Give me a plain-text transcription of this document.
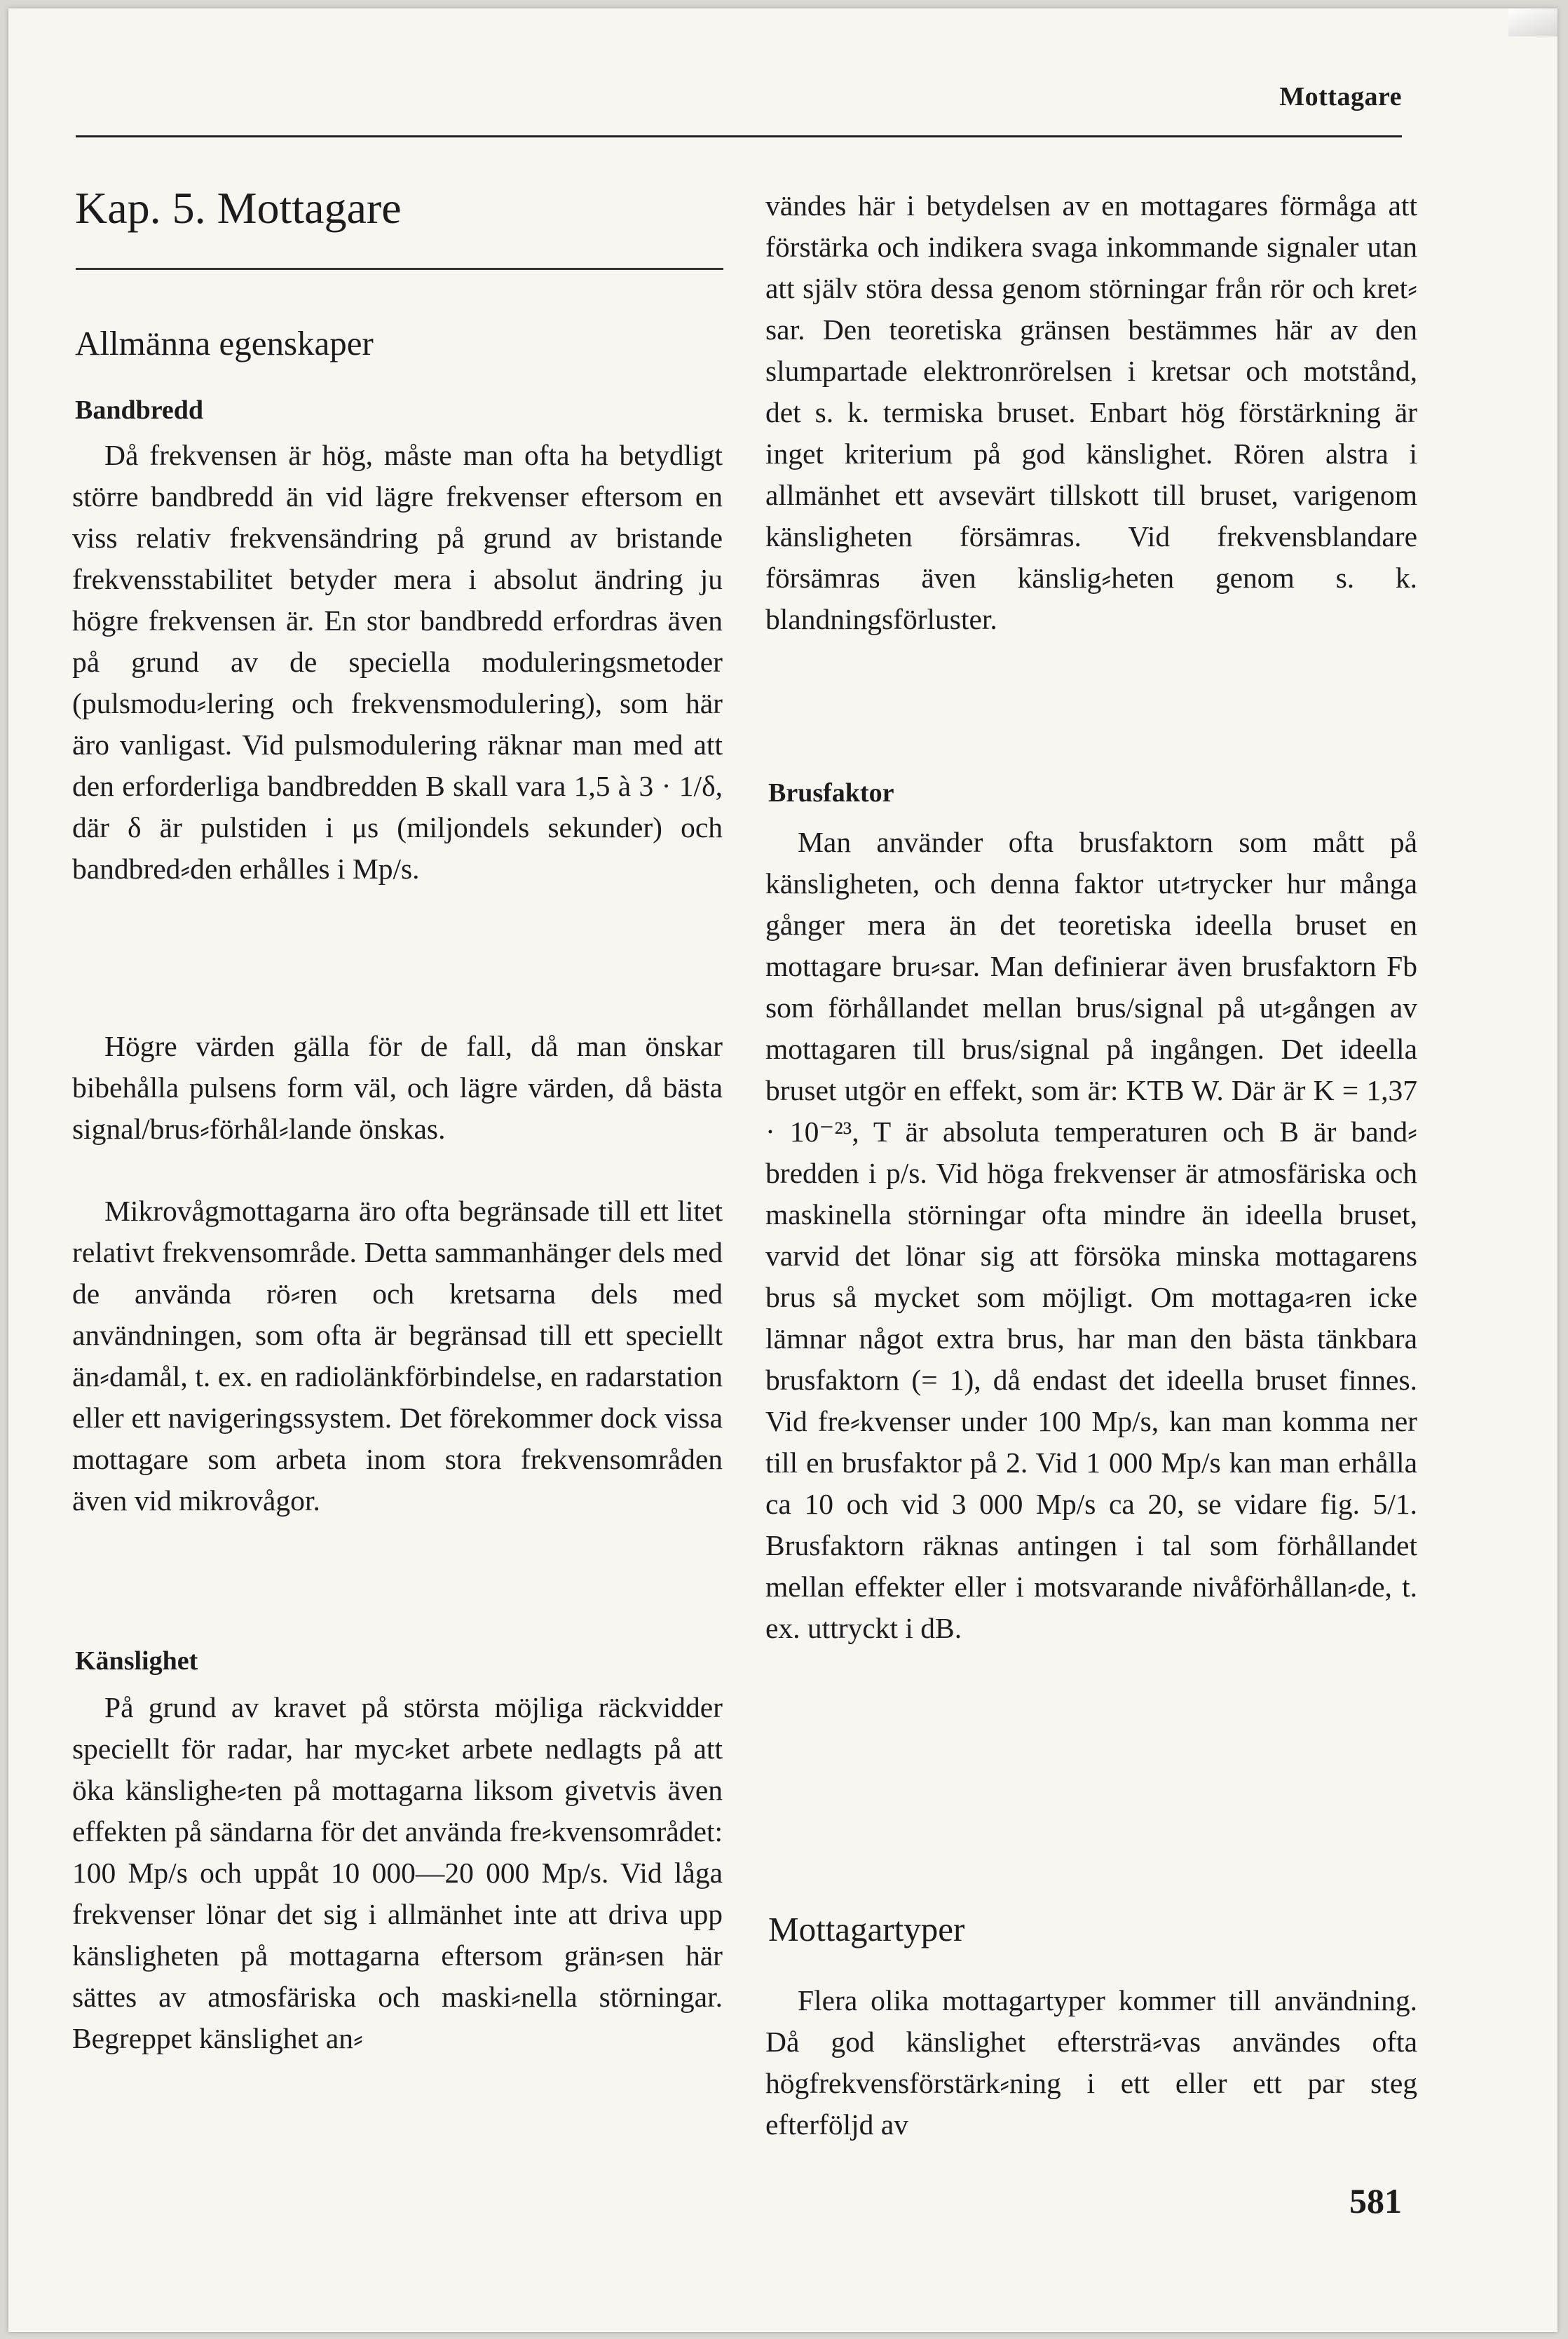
Mottagare
Kap. 5. Mottagare
Allmänna egenskaper
Bandbredd

Då frekvensen är hög, måste man ofta ha betydligt större bandbredd än vid lägre frekvenser eftersom en viss relativ frekvensändring på grund av bristande frekvensstabilitet betyder mera i absolut ändring ju högre frekvensen är. En stor bandbredd erfordras även på grund av de speciella moduleringsmetoder (pulsmodu⸗lering och frekvensmodulering), som här äro vanligast. Vid pulsmodulering räknar man med att den erforderliga bandbredden B skall vara 1,5 à 3 · 1/δ, där δ är pulstiden i μs (miljondels sekunder) och bandbred⸗den erhålles i Mp/s.

Högre värden gälla för de fall, då man önskar bibehålla pulsens form väl, och lägre värden, då bästa signal/brus⸗förhål⸗lande önskas.

Mikrovågmottagarna äro ofta begränsade till ett litet relativt frekvensområde. Detta sammanhänger dels med de använda rö⸗ren och kretsarna dels med användningen, som ofta är begränsad till ett speciellt än⸗damål, t. ex. en radiolänkförbindelse, en radarstation eller ett navigeringssystem. Det förekommer dock vissa mottagare som arbeta inom stora frekvensområden även vid mikrovågor.

Känslighet

På grund av kravet på största möjliga räckvidder speciellt för radar, har myc⸗ket arbete nedlagts på att öka känslighe⸗ten på mottagarna liksom givetvis även effekten på sändarna för det använda fre⸗kvensområdet: 100 Mp/s och uppåt 10 000—20 000 Mp/s. Vid låga frekvenser lönar det sig i allmänhet inte att driva upp känsligheten på mottagarna eftersom grän⸗sen här sättes av atmosfäriska och maski⸗nella störningar. Begreppet känslighet an⸗

vändes här i betydelsen av en mottagares förmåga att förstärka och indikera svaga inkommande signaler utan att själv störa dessa genom störningar från rör och kret⸗sar. Den teoretiska gränsen bestämmes här av den slumpartade elektronrörelsen i kretsar och motstånd, det s. k. termiska bruset. Enbart hög förstärkning är inget kriterium på god känslighet. Rören alstra i allmänhet ett avsevärt tillskott till bruset, varigenom känsligheten försämras. Vid frekvensblandare försämras även känslig⸗heten genom s. k. blandningsförluster.

Brusfaktor

Man använder ofta brusfaktorn som mått på känsligheten, och denna faktor ut⸗trycker hur många gånger mera än det teoretiska ideella bruset en mottagare bru⸗sar. Man definierar även brusfaktorn Fb som förhållandet mellan brus/signal på ut⸗gången av mottagaren till brus/signal på ingången. Det ideella bruset utgör en effekt, som är: KTB W. Där är K = 1,37 · 10⁻²³, T är absoluta temperaturen och B är band⸗bredden i p/s. Vid höga frekvenser är atmosfäriska och maskinella störningar ofta mindre än ideella bruset, varvid det lönar sig att försöka minska mottagarens brus så mycket som möjligt. Om mottaga⸗ren icke lämnar något extra brus, har man den bästa tänkbara brusfaktorn (= 1), då endast det ideella bruset finnes. Vid fre⸗kvenser under 100 Mp/s, kan man komma ner till en brusfaktor på 2. Vid 1 000 Mp/s kan man erhålla ca 10 och vid 3 000 Mp/s ca 20, se vidare fig. 5/1. Brusfaktorn räknas antingen i tal som förhållandet mellan effekter eller i motsvarande nivåförhållan⸗de, t. ex. uttryckt i dB.

Mottagartyper

Flera olika mottagartyper kommer till användning. Då god känslighet eftersträ⸗vas användes ofta högfrekvensförstärk⸗ning i ett eller ett par steg efterföljd av

581
